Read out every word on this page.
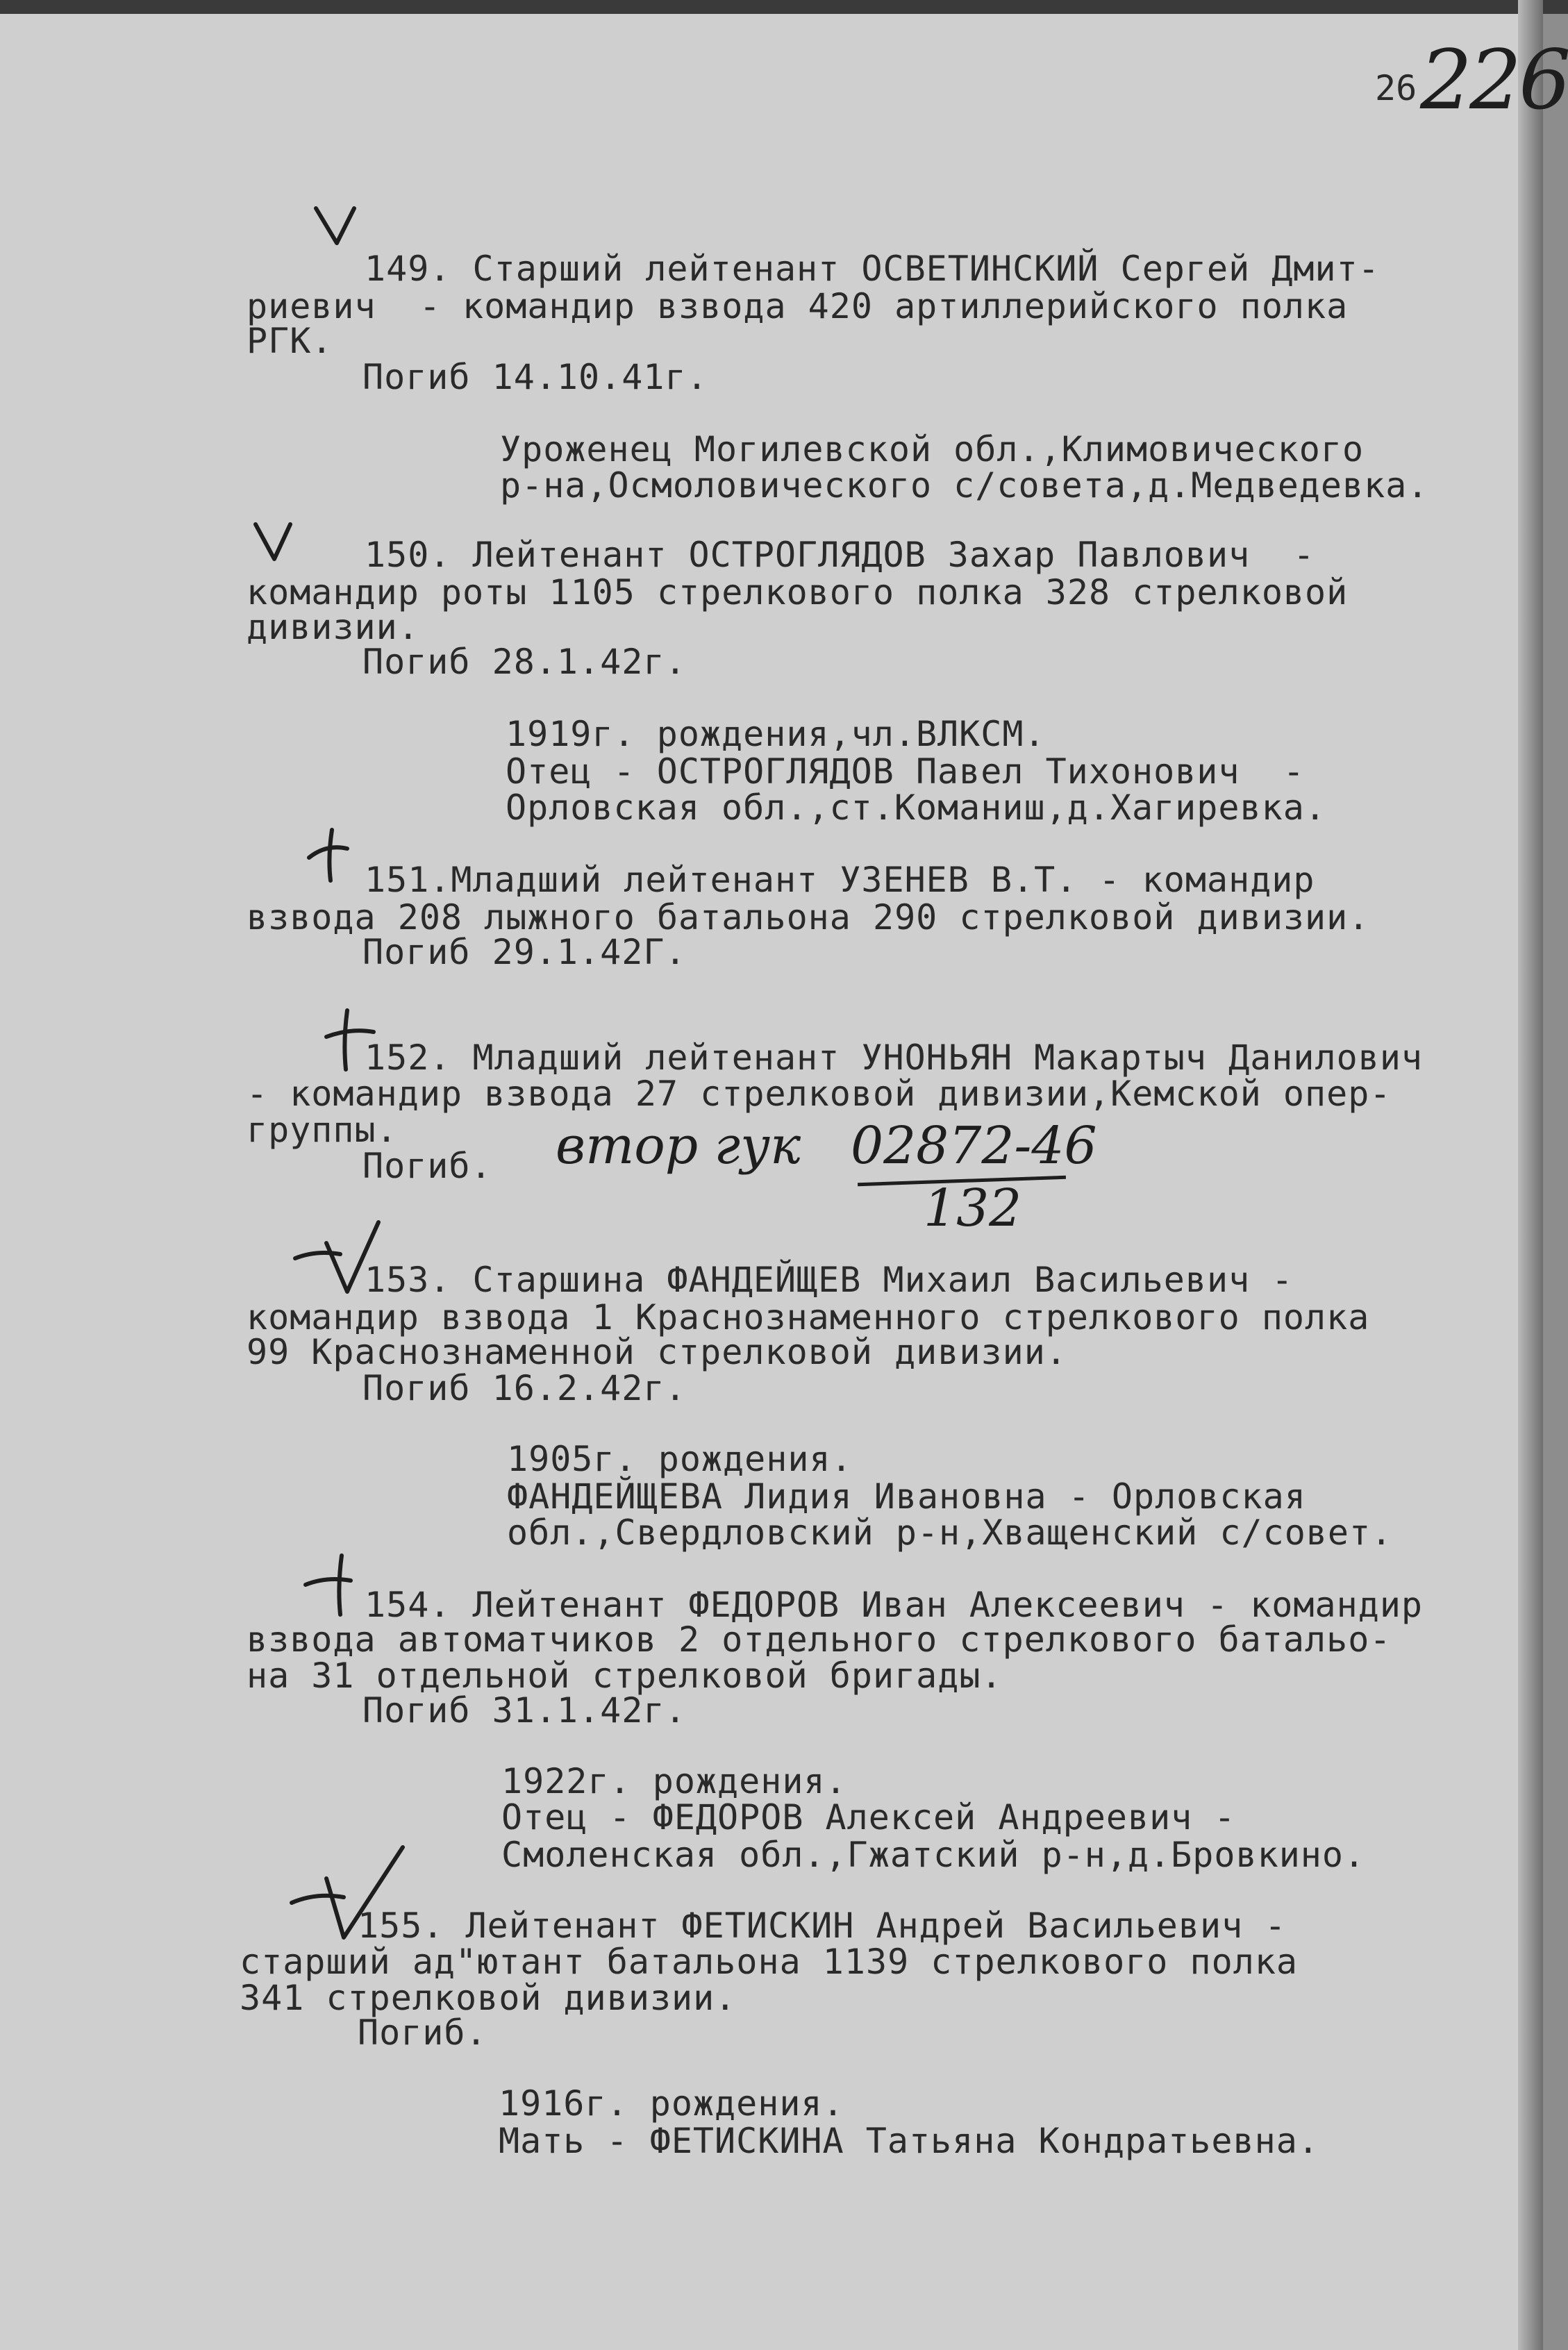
26 226
149. Старший лейтенант ОСВЕТИНСКИЙ Сергей Дмит-
риевич  - командир взвода 420 артиллерийского полка
РГК.
Погиб 14.10.41г.
Уроженец Могилевской обл.,Климовического
р-на,Осмоловического с/совета,д.Медведевка.
150. Лейтенант ОСТРОГЛЯДОВ Захар Павлович  -
командир роты 1105 стрелкового полка 328 стрелковой
дивизии.
Погиб 28.1.42г.
1919г. рождения,чл.ВЛКСМ.
Отец - ОСТРОГЛЯДОВ Павел Тихонович  -
Орловская обл.,ст.Команиш,д.Хагиревка.
151.Младший лейтенант УЗЕНЕВ В.Т. - командир
взвода 208 лыжного батальона 290 стрелковой дивизии.
Погиб 29.1.42Г.
152. Младший лейтенант УНОНЬЯН Макартыч Данилович
- командир взвода 27 стрелковой дивизии,Кемской опер-
группы.
Погиб. втор гук 02872-46
132
153. Старшина ФАНДЕЙЩЕВ Михаил Васильевич -
командир взвода 1 Краснознаменного стрелкового полка
99 Краснознаменной стрелковой дивизии.
Погиб 16.2.42г.
1905г. рождения.
ФАНДЕЙЩЕВА Лидия Ивановна - Орловская
обл.,Свердловский р-н,Хващенский с/совет.
154. Лейтенант ФЕДОРОВ Иван Алексеевич - командир
взвода автоматчиков 2 отдельного стрелкового батальо-
на 31 отдельной стрелковой бригады.
Погиб 31.1.42г.
1922г. рождения.
Отец - ФЕДОРОВ Алексей Андреевич -
Смоленская обл.,Гжатский р-н,д.Бровкино.
155. Лейтенант ФЕТИСКИН Андрей Васильевич -
старший ад"ютант батальона 1139 стрелкового полка
341 стрелковой дивизии.
Погиб.
1916г. рождения.
Мать - ФЕТИСКИНА Татьяна Кондратьевна.
